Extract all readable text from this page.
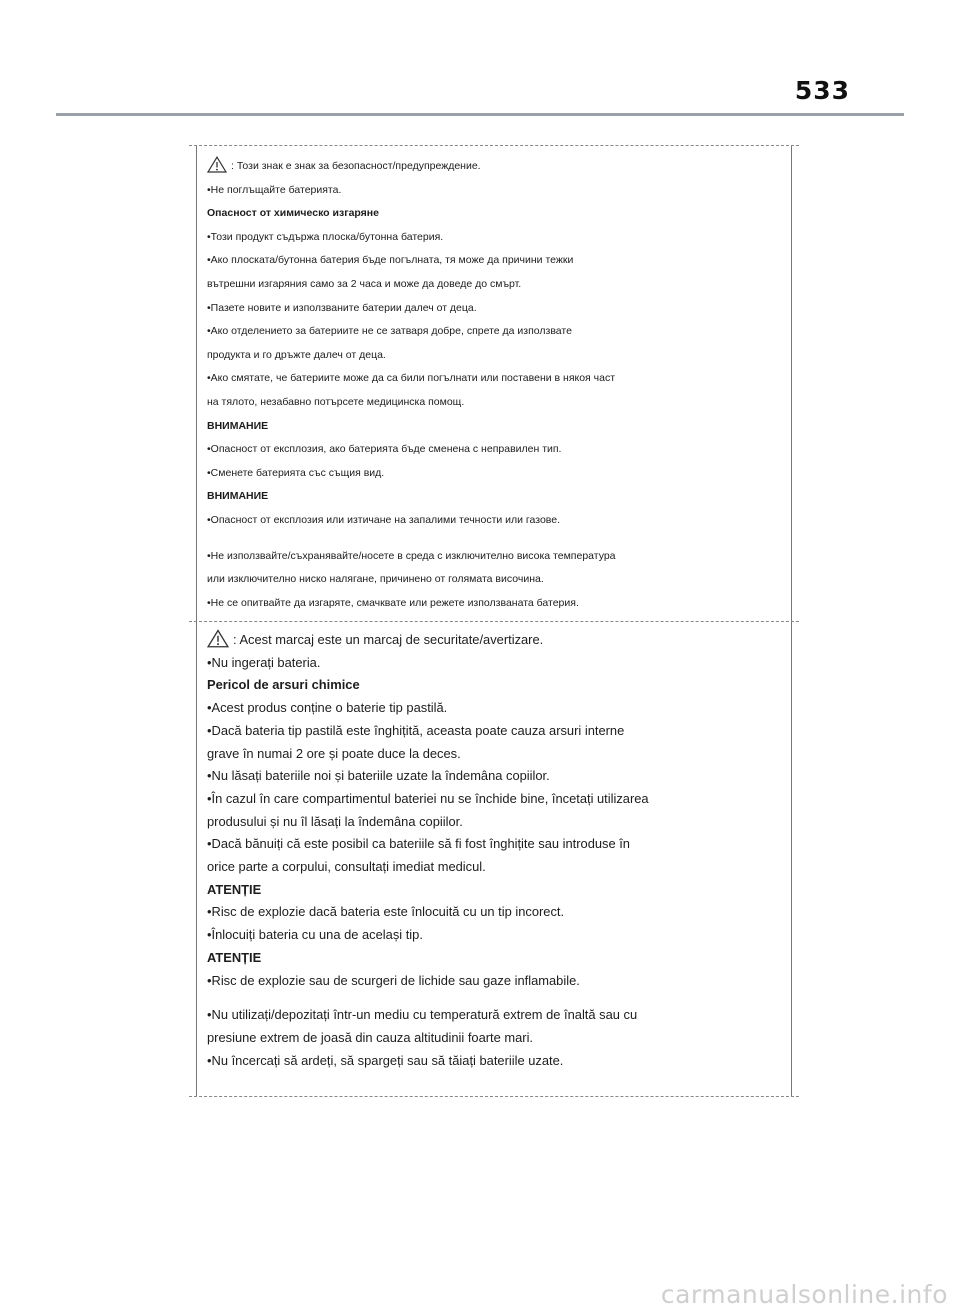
533
: Този знак е знак за безопасност/предупреждение.
•Не поглъщайте батерията.
Опасност от химическо изгаряне
•Този продукт съдържа плоска/бутонна батерия.
•Ако плоската/бутонна батерия бъде погълната, тя може да причини тежки
вътрешни изгаряния само за 2 часа и може да доведе до смърт.
•Пазете новите и използваните батерии далеч от деца.
•Ако отделението за батериите не се затваря добре, спрете да използвате
продукта и го дръжте далеч от деца.
•Ако смятате, че батериите може да са били погълнати или поставени в някоя част
на тялото, незабавно потърсете медицинска помощ.
ВНИМАНИЕ
•Опасност от експлозия, ако батерията бъде сменена с неправилен тип.
•Сменете батерията със същия вид.
ВНИМАНИЕ
•Опасност от експлозия или изтичане на запалими течности или газове.
•Не използвайте/съхранявайте/носете в среда с изключително висока температура
или изключително ниско налягане, причинено от голямата височина.
•Не се опитвайте да изгаряте, смачквате или режете използваната батерия.
: Acest marcaj este un marcaj de securitate/avertizare.
•Nu ingerați bateria.
Pericol de arsuri chimice
•Acest produs conține o baterie tip pastilă.
•Dacă bateria tip pastilă este înghițită, aceasta poate cauza arsuri interne
grave în numai 2 ore și poate duce la deces.
•Nu lăsați bateriile noi și bateriile uzate la îndemâna copiilor.
•În cazul în care compartimentul bateriei nu se închide bine, încetați utilizarea
produsului și nu îl lăsați la îndemâna copiilor.
•Dacă bănuiți că este posibil ca bateriile să fi fost înghițite sau introduse în
orice parte a corpului, consultați imediat medicul.
ATENȚIE
•Risc de explozie dacă bateria este înlocuită cu un tip incorect.
•Înlocuiți bateria cu una de același tip.
ATENȚIE
•Risc de explozie sau de scurgeri de lichide sau gaze inflamabile.
•Nu utilizați/depozitați într-un mediu cu temperatură extrem de înaltă sau cu
presiune extrem de joasă din cauza altitudinii foarte mari.
•Nu încercați să ardeți, să spargeți sau să tăiați bateriile uzate.
carmanualsonline.info
